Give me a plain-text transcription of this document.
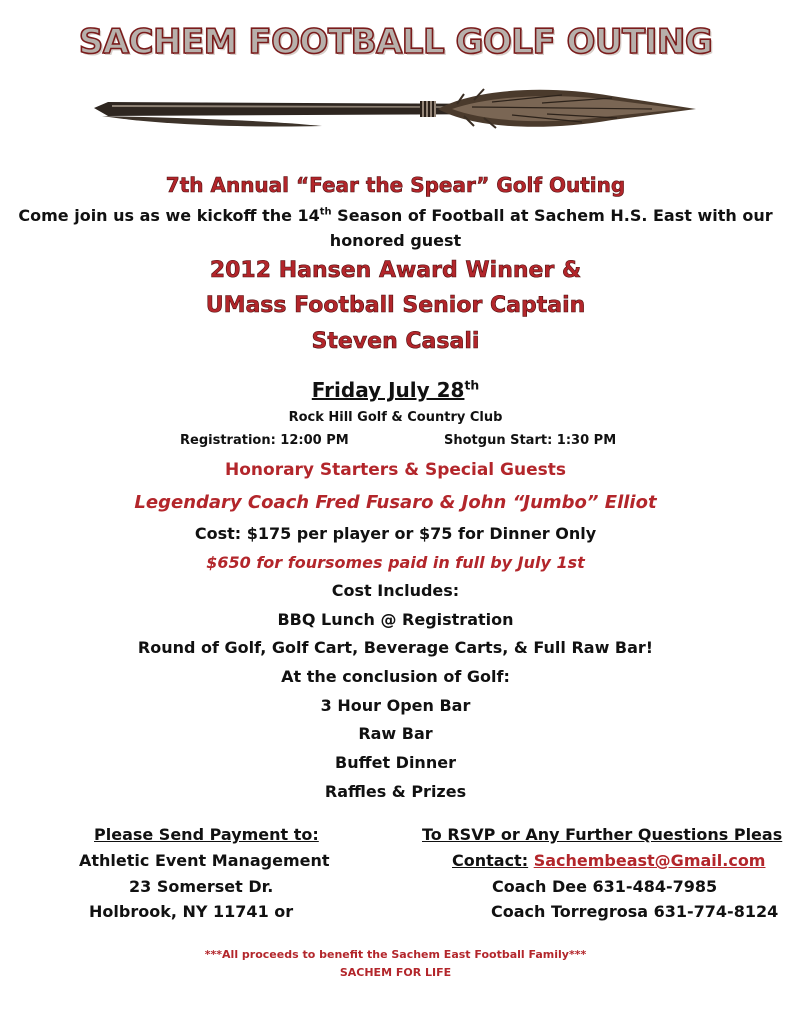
SACHEM FOOTBALL GOLF OUTING
7th Annual “Fear the Spear” Golf Outing
Come join us as we kickoff the 14th Season of Football at Sachem H.S. East with our
honored guest
2012 Hansen Award Winner &
UMass Football Senior Captain
Steven Casali
Friday July 28th
Rock Hill Golf & Country Club
Registration: 12:00 PM	Shotgun Start: 1:30 PM
Honorary Starters & Special Guests
Legendary Coach Fred Fusaro & John “Jumbo” Elliot
Cost: $175 per player or $75 for Dinner Only
$650 for foursomes paid in full by July 1st
Cost Includes:
BBQ Lunch @ Registration
Round of Golf, Golf Cart, Beverage Carts, & Full Raw Bar!
At the conclusion of Golf:
3 Hour Open Bar
Raw Bar
Buffet Dinner
Raffles & Prizes
Please Send Payment to:
Athletic Event Management
23 Somerset Dr.
Holbrook, NY 11741 or
To RSVP or Any Further Questions Pleas
Contact: Sachembeast@Gmail.com
Coach Dee 631-484-7985
Coach Torregrosa 631-774-8124
***All proceeds to benefit the Sachem East Football Family***
SACHEM FOR LIFE
